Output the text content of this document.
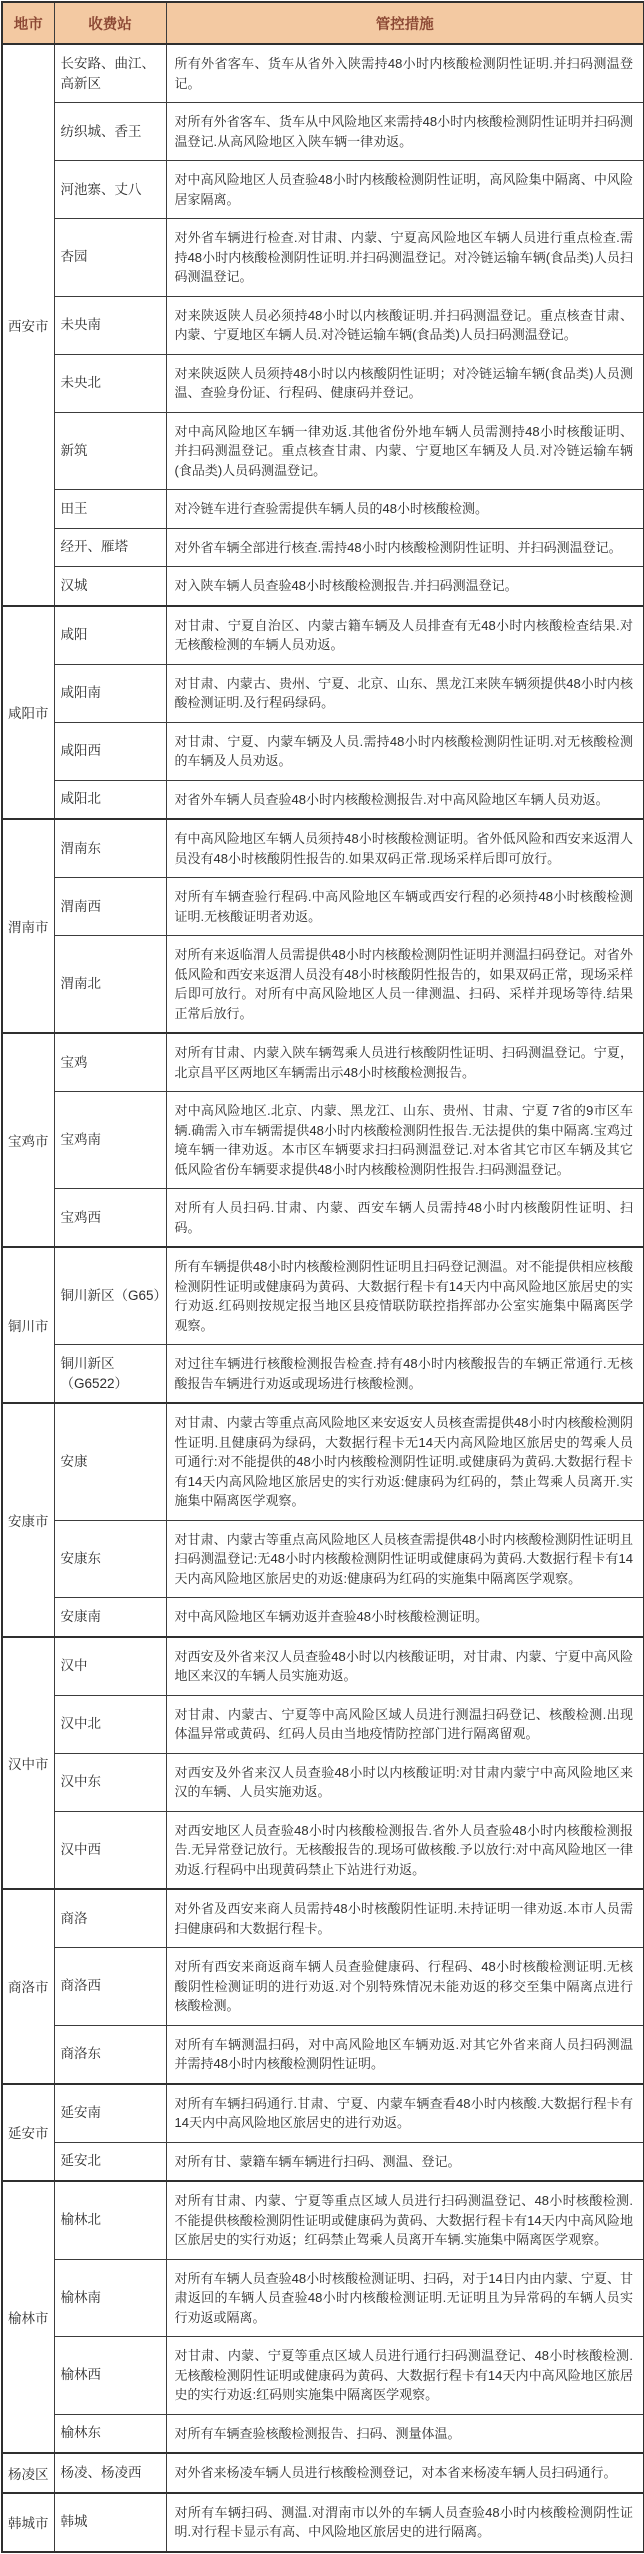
地市	收费站	管控措施
西安市	长安路、曲江、高新区	所有外省客车、货车从省外入陕需持48小时内核酸检测阴性证明.并扫码测温登记。
	纺织城、香王	对所有外省客车、货车从中风险地区来需持48小时内核酸检测阴性证明并扫码测温登记.从高风险地区入陕车辆一律劝返。
	河池寨、丈八	对中高风险地区人员查验48小时内核酸检测阴性证明，高风险集中隔离、中风险居家隔离。
	杏园	对外省车辆进行检查.对甘肃、内蒙、宁夏高风险地区车辆人员进行重点检查.需持48小时内核酸检测阴性证明.并扫码测温登记。对冷链运输车辆(食品类)人员扫码测温登记。
	未央南	对来陕返陕人员必须持48小时以内核酸证明.并扫码测温登记。重点核查甘肃、内蒙、宁夏地区车辆人员.对冷链运输车辆(食品类)人员扫码测温登记。
	未央北	对来陕返陕人员须持48小时以内核酸阴性证明；对冷链运输车辆(食品类)人员测温、查验身份证、行程码、健康码并登记。
	新筑	对中高风险地区车辆一律劝返.其他省份外地车辆人员需测持48小时核酸证明、并扫码测温登记。重点核查甘肃、内蒙、宁夏地区车辆及人员.对冷链运输车辆(食品类)人员码测温登记。
	田王	对冷链车进行查验需提供车辆人员的48小时核酸检测。
	经开、雁塔	对外省车辆全部进行核查.需持48小时内核酸检测阴性证明、并扫码测温登记。
	汉城	对入陕车辆人员查验48小时核酸检测报告.并扫码测温登记。
咸阳市	咸阳	对甘肃、宁夏自治区、内蒙古籍车辆及人员排查有无48小时内核酸检查结果.对无核酸检测的车辆人员劝返。
	咸阳南	对甘肃、内蒙古、贵州、宁夏、北京、山东、黑龙江来陕车辆须提供48小时内核酸检测证明.及行程码绿码。
	咸阳西	对甘肃、宁夏、内蒙车辆及人员.需持48小时内核酸检测阴性证明.对无核酸检测的车辆及人员劝返。
	咸阳北	对省外车辆人员查验48小时内核酸检测报告.对中高风险地区车辆人员劝返。
渭南市	渭南东	有中高风险地区车辆人员须持48小时核酸检测证明。省外低风险和西安来返渭人员没有48小时核酸阴性报告的.如果双码正常.现场采样后即可放行。
	渭南西	对所有车辆查验行程码.中高风险地区车辆或西安行程的必须持48小时核酸检测证明.无核酸证明者劝返。
	渭南北	对所有来返临渭人员需提供48小时内核酸检测阴性证明并测温扫码登记。对省外低风险和西安来返渭人员没有48小时核酸阴性报告的，如果双码正常，现场采样后即可放行。对所有中高风险地区人员一律测温、扫码、采样并现场等待.结果正常后放行。
宝鸡市	宝鸡	对所有甘肃、内蒙入陕车辆驾乘人员进行核酸阴性证明、扫码测温登记。宁夏，北京昌平区两地区车辆需出示48小时核酸检测报告。
	宝鸡南	对中高风险地区.北京、内蒙、黑龙江、山东、贵州、甘肃、宁夏 7省的9市区车辆.确需入市车辆需提供48小时内核酸检测阴性报告.无法提供的集中隔离.宝鸡过境车辆一律劝返。本市区车辆要求扫扫码测温登记.对本省其它市区车辆及其它低风险省份车辆要求提供48小时内核酸检测阴性报告.扫码测温登记。
	宝鸡西	对所有人员扫码.甘肃、内蒙、西安车辆人员需持48小时内核酸阴性证明、扫码。
铜川市	铜川新区（G65）	所有车辆提供48小时内核酸检测阴性证明且扫码登记测温。对不能提供相应核酸检测阴性证明或健康码为黄码、大数据行程卡有14天内中高风险地区旅居史的实行劝返.红码则按规定报当地区县疫情联防联控指挥部办公室实施集中隔离医学观察。
	铜川新区（G6522）	对过往车辆进行核酸检测报告检查.持有48小时内核酸报告的车辆正常通行.无核酸报告车辆进行劝返或现场进行核酸检测。
安康市	安康	对甘肃、内蒙古等重点高风险地区来安返安人员核查需提供48小时内核酸检测阴性证明.且健康码为绿码，大数据行程卡无14天内高风险地区旅居史的驾乘人员可通行:对不能提供的48小时内核酸检测阴性证明.或健康码为黄码.大数据行程卡有14天内高风险地区旅居史的实行劝返:健康码为红码的，禁止驾乘人员离开.实施集中隔离医学观察。
	安康东	对甘肃、内蒙古等重点高风险地区人员核查需提供48小时内核酸检测阴性证明且扫码测温登记:无48小时内核酸检测阴性证明或健康码为黄码.大数据行程卡有14天内高风险地区旅居史的劝返:健康码为红码的实施集中隔离医学观察。
	安康南	对中高风险地区车辆劝返并查验48小时核酸检测证明。
汉中市	汉中	对西安及外省来汉人员查验48小时以内核酸证明，对甘肃、内蒙、宁夏中高风险地区来汉的车辆人员实施劝返。
	汉中北	对甘肃、内蒙古、宁夏等中高风险区域人员进行测温扫码登记、核酸检测.出现体温异常或黄码、红码人员由当地疫情防控部门进行隔离留观。
	汉中东	对西安及外省来汉人员查验48小时以内核酸证明:对甘肃内蒙宁中高风险地区来汉的车辆、人员实施劝返。
	汉中西	对西安地区人员查验48小时内核酸检测报告.省外人员查验48小时内核酸检测报告.无异常登记放行。无核酸报告的.现场可做核酸.予以放行:对中高风险地区一律劝返.行程码中出现黄码禁止下站进行劝返。
商洛市	商洛	对外省及西安来商人员需持48小时核酸阴性证明.未持证明一律劝返.本市人员需扫健康码和大数据行程卡。
	商洛西	对所有西安来商返商车辆人员查验健康码、行程码、48小时核酸检测证明.无核酸阴性检测证明的进行劝返.对个别特殊情况未能劝返的移交至集中隔离点进行核酸检测。
	商洛东	对所有车辆测温扫码，对中高风险地区车辆劝返.对其它外省来商人员扫码测温并需持48小时内核酸检测阴性证明。
延安市	延安南	对所有车辆扫码通行.甘肃、宁夏、内蒙车辆查看48小时内核酸.大数据行程卡有14天内中高风险地区旅居史的进行劝返。
	延安北	对所有甘、蒙籍车辆车辆进行扫码、测温、登记。
榆林市	榆林北	对所有甘肃、内蒙、宁夏等重点区域人员进行扫码测温登记、48小时核酸检测.不能提供核酸检测阴性证明或健康码为黄码、大数据行程卡有14天内中高风险地区旅居史的实行劝返；红码禁止驾乘人员离开车辆.实施集中隔离医学观察。
	榆林南	对所有车辆人员查验48小时核酸检测证明、扫码，对于14日内由内蒙、宁夏、甘肃返回的车辆人员查验48小时内核酸检测证明.无证明且为异常码的车辆人员实行劝返或隔离。
	榆林西	对甘肃、内蒙、宁夏等重点区域人员进行通行扫码测温登记、48小时核酸检测.无核酸检测阴性证明或健康码为黄码、大数据行程卡有14天内中高风险地区旅居史的实行劝返:红码则实施集中隔离医学观察。
	榆林东	对所有车辆查验核酸检测报告、扫码、测量体温。
杨凌区	杨凌、杨凌西	对外省来杨凌车辆人员进行核酸检测登记，对本省来杨凌车辆人员扫码通行。
韩城市	韩城	对所有车辆扫码、测温.对渭南市以外的车辆人员查验48小时内核酸检测阴性证明.对行程卡显示有高、中风险地区旅居史的进行隔离。
